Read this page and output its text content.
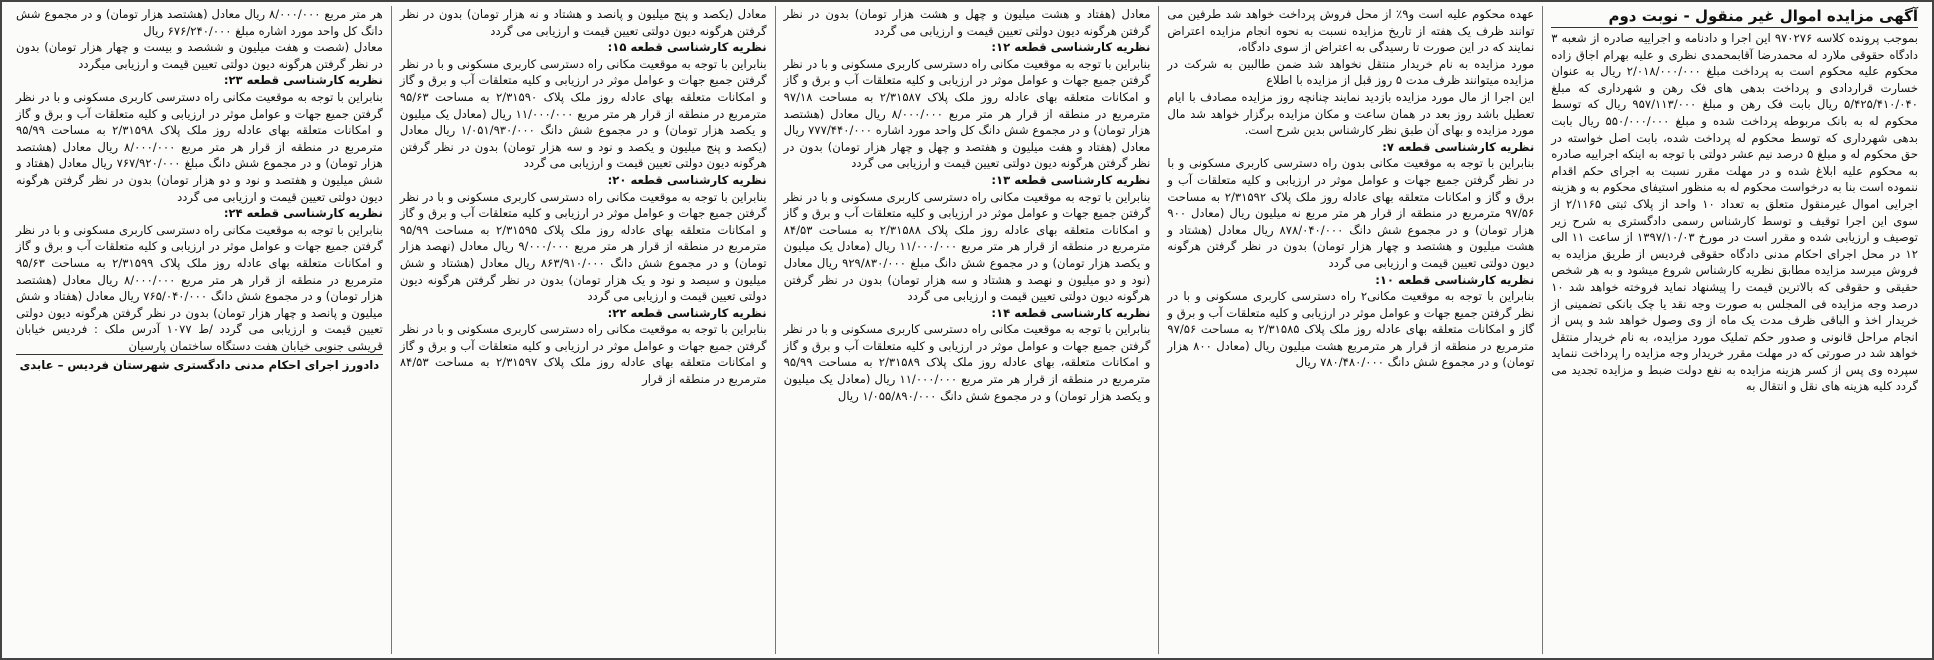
آگهی مزایده اموال غیر منقول - نوبت دوم

بموجب پرونده کلاسه ۹۷۰۲۷۶ این اجرا و دادنامه و اجراییه صادره از شعبه ۳ دادگاه حقوقی ملارد له محمدرضا آقابمحمدی نظری و علیه بهرام اجاق زاده محکوم علیه محکوم است به پرداخت مبلغ ۲/۰۱۸/۰۰۰/۰۰۰ ریال به عنوان خسارت قراردادی و پرداخت بدهی های فک رهن و شهرداری که مبلغ ۵/۴۲۵/۴۱۰/۰۴۰ ریال بابت فک رهن و مبلغ ۹۵۷/۱۱۳/۰۰۰ ریال که توسط محکوم له به بانک مربوطه پرداخت شده و مبلغ ۵۵۰/۰۰۰/۰۰۰ ریال بابت بدهی شهرداری که توسط محکوم له پرداخت شده، بابت اصل خواسته در حق محکوم له و مبلغ ۵ درصد نیم عشر دولتی با توجه به اینکه اجراییه صادره به محکوم علیه ابلاغ شده و در مهلت مقرر نسبت به اجرای حکم اقدام ننموده است بنا به درخواست محکوم له به منظور استیفای محکوم به و هزینه اجرایی اموال غیرمنقول متعلق به تعداد ۱۰ واحد از پلاک ثبتی ۲/۱۱۶۵ از سوی این اجرا توقیف و توسط کارشناس رسمی دادگستری به شرح زیر توصیف و ارزیابی شده و مقرر است در مورخ ۱۳۹۷/۱۰/۰۳ از ساعت ۱۱ الی ۱۲ در محل اجرای احکام مدنی دادگاه حقوقی فردیس از طریق مزایده به فروش میرسد مزایده مطابق نظریه کارشناس شروع میشود و به هر شخص حقیقی و حقوقی که بالاترین قیمت را پیشنهاد نماید فروخته خواهد شد ۱۰ درصد وجه مزایده فی المجلس به صورت وجه نقد یا چک بانکی تضمینی از خریدار اخذ و الباقی ظرف مدت یک ماه از وی وصول خواهد شد و پس از انجام مراحل قانونی و صدور حکم تملیک مورد مزایده، به نام خریدار منتقل خواهد شد در صورتی که در مهلت مقرر خریدار وجه مزایده را پرداخت ننماید سپرده وی پس از کسر هزینه مزایده به نفع دولت ضبط و مزایده تجدید می گردد کلیه هزینه های نقل و انتقال به

عهده محکوم علیه است و۹٪ از محل فروش پرداخت خواهد شد طرفین می توانند ظرف یک هفته از تاریخ مزایده نسبت به نحوه انجام مزایده اعتراض نمایند که در این صورت تا رسیدگی به اعتراض از سوی دادگاه،

مورد مزایده به نام خریدار منتقل نخواهد شد ضمن طالبین به شرکت در مزایده میتوانند ظرف مدت ۵ روز قبل از مزایده با اطلاع

این اجرا از مال مورد مزایده بازدید نمایند چنانچه روز مزایده مصادف با ایام تعطیل باشد روز بعد در همان ساعت و مکان مزایده برگزار خواهد شد مال مورد مزایده و بهای آن طبق نظر کارشناس بدین شرح است.

نظریه کارشناسی قطعه ۷:

بنابراین با توجه به موقعیت مکانی بدون راه دسترسی کاربری مسکونی و با در نظر گرفتن جمیع جهات و عوامل موثر در ارزیابی و کلیه متعلقات آب و برق و گاز و امکانات متعلقه بهای عادله روز ملک پلاک ۲/۳۱۵۹۲ به مساحت ۹۷/۵۶ مترمربع در منطقه از قرار هر متر مربع نه میلیون ریال (معادل ۹۰۰ هزار تومان) و در مجموع شش دانگ ۸۷۸/۰۴۰/۰۰۰ ریال معادل (هشتاد و هشت میلیون و هشتصد و چهار هزار تومان) بدون در نظر گرفتن هرگونه دیون دولتی تعیین قیمت و ارزیابی می گردد

نظریه کارشناسی قطعه ۱۰:

بنابراین با توجه به موقعیت مکانی۲ راه دسترسی کاربری مسکونی و با در نظر گرفتن جمیع جهات و عوامل موثر در ارزیابی و کلیه متعلقات آب و برق و گاز و امکانات متعلقه بهای عادله روز ملک پلاک ۲/۳۱۵۸۵ به مساحت ۹۷/۵۶ مترمربع در منطقه از قرار هر مترمربع هشت میلیون ریال (معادل ۸۰۰ هزار تومان) و در مجموع شش دانگ ۷۸۰/۴۸۰/۰۰۰ ریال

معادل (هفتاد و هشت میلیون و چهل و هشت هزار تومان) بدون در نظر گرفتن هرگونه دیون دولتی تعیین قیمت و ارزیابی می گردد

نظریه کارشناسی قطعه ۱۲:

بنابراین با توجه به موقعیت مکانی راه دسترسی کاربری مسکونی و با در نظر گرفتن جمیع جهات و عوامل موثر در ارزیابی و کلیه متعلقات آب و برق و گاز و امکانات متعلقه بهای عادله روز ملک پلاک ۲/۳۱۵۸۷ به مساحت ۹۷/۱۸ مترمربع در منطقه از قرار هر متر مربع ۸/۰۰۰/۰۰۰ ریال معادل (هشتصد هزار تومان) و در مجموع شش دانگ کل واحد مورد اشاره ۷۷۷/۴۴۰/۰۰۰ ریال معادل (هفتاد و هفت میلیون و هفتصد و چهل و چهار هزار تومان) بدون در نظر گرفتن هرگونه دیون دولتی تعیین قیمت و ارزیابی می گردد

نظریه کارشناسی قطعه ۱۳:

بنابراین با توجه به موقعیت مکانی راه دسترسی کاربری مسکونی و با در نظر گرفتن جمیع جهات و عوامل موثر در ارزیابی و کلیه متعلقات آب و برق و گاز و امکانات متعلقه بهای عادله روز ملک پلاک ۲/۳۱۵۸۸ به مساحت ۸۴/۵۳ مترمربع در منطقه از قرار هر متر مربع ۱۱/۰۰۰/۰۰۰ ریال (معادل یک میلیون و یکصد هزار تومان) و در مجموع شش دانگ مبلغ ۹۲۹/۸۳۰/۰۰۰ ریال معادل (نود و دو میلیون و نهصد و هشتاد و سه هزار تومان) بدون در نظر گرفتن هرگونه دیون دولتی تعیین قیمت و ارزیابی می گردد

نظریه کارشناسی قطعه ۱۴:

بنابراین با توجه به موقعیت مکانی راه دسترسی کاربری مسکونی و با در نظر گرفتن جمیع جهات و عوامل موثر در ارزیابی و کلیه متعلقات آب و برق و گاز و امکانات متعلقه، بهای عادله روز ملک پلاک ۲/۳۱۵۸۹ به مساحت ۹۵/۹۹ مترمربع در منطقه از قرار هر متر مربع ۱۱/۰۰۰/۰۰۰ ریال (معادل یک میلیون و یکصد هزار تومان) و در مجموع شش دانگ ۱/۰۵۵/۸۹۰/۰۰۰ ریال

معادل (یکصد و پنج میلیون و پانصد و هشتاد و نه هزار تومان) بدون در نظر گرفتن هرگونه دیون دولتی تعیین قیمت و ارزیابی می گردد

نظریه کارشناسی قطعه ۱۵:

بنابراین با توجه به موقعیت مکانی راه دسترسی کاربری مسکونی و با در نظر گرفتن جمیع جهات و عوامل موثر در ارزیابی و کلیه متعلقات آب و برق و گاز و امکانات متعلقه بهای عادله روز ملک پلاک ۲/۳۱۵۹۰ به مساحت ۹۵/۶۳ مترمربع در منطقه از قرار هر متر مربع ۱۱/۰۰۰/۰۰۰ ریال (معادل یک میلیون و یکصد هزار تومان) و در مجموع شش دانگ ۱/۰۵۱/۹۳۰/۰۰۰ ریال معادل (یکصد و پنج میلیون و یکصد و نود و سه هزار تومان) بدون در نظر گرفتن هرگونه دیون دولتی تعیین قیمت و ارزیابی می گردد

نظریه کارشناسی قطعه ۲۰:

بنابراین با توجه به موقعیت مکانی راه دسترسی کاربری مسکونی و با در نظر گرفتن جمیع جهات و عوامل موثر در ارزیابی و کلیه متعلقات آب و برق و گاز و امکانات متعلقه بهای عادله روز ملک پلاک ۲/۳۱۵۹۵ به مساحت ۹۵/۹۹ مترمربع در منطقه از قرار هر متر مربع ۹/۰۰۰/۰۰۰ ریال معادل (نهصد هزار تومان) و در مجموع شش دانگ ۸۶۳/۹۱۰/۰۰۰ ریال معادل (هشتاد و شش میلیون و سیصد و نود و یک هزار تومان) بدون در نظر گرفتن هرگونه دیون دولتی تعیین قیمت و ارزیابی می گردد

نظریه کارشناسی قطعه ۲۲:

بنابراین با توجه به موقعیت مکانی راه دسترسی کاربری مسکونی و با در نظر گرفتن جمیع جهات و عوامل موثر در ارزیابی و کلیه متعلقات آب و برق و گاز و امکانات متعلقه بهای عادله روز ملک پلاک ۲/۳۱۵۹۷ به مساحت ۸۴/۵۳ مترمربع در منطقه از قرار

هر متر مربع ۸/۰۰۰/۰۰۰ ریال معادل (هشتصد هزار تومان) و در مجموع شش دانگ کل واحد مورد اشاره مبلغ ۶۷۶/۲۴۰/۰۰۰ ریال

معادل (شصت و هفت میلیون و ششصد و بیست و چهار هزار تومان) بدون در نظر گرفتن هرگونه دیون دولتی تعیین قیمت و ارزیابی میگردد

نظریه کارشناسی قطعه ۲۳:

بنابراین با توجه به موقعیت مکانی راه دسترسی کاربری مسکونی و با در نظر گرفتن جمیع جهات و عوامل موثر در ارزیابی و کلیه متعلقات آب و برق و گاز و امکانات متعلقه بهای عادله روز ملک پلاک ۲/۳۱۵۹۸ به مساحت ۹۵/۹۹ مترمربع در منطقه از قرار هر متر مربع ۸/۰۰۰/۰۰۰ ریال معادل (هشتصد هزار تومان) و در مجموع شش دانگ مبلغ ۷۶۷/۹۲۰/۰۰۰ ریال معادل (هفتاد و شش میلیون و هفتصد و نود و دو هزار تومان) بدون در نظر گرفتن هرگونه دیون دولتی تعیین قیمت و ارزیابی می گردد

نظریه کارشناسی قطعه ۲۴:

بنابراین با توجه به موقعیت مکانی راه دسترسی کاربری مسکونی و با در نظر گرفتن جمیع جهات و عوامل موثر در ارزیابی و کلیه متعلقات آب و برق و گاز و امکانات متعلقه بهای عادله روز ملک پلاک ۲/۳۱۵۹۹ به مساحت ۹۵/۶۳ مترمربع در منطقه از قرار هر متر مربع ۸/۰۰۰/۰۰۰ ریال معادل (هشتصد هزار تومان) و در مجموع شش دانگ ۷۶۵/۰۴۰/۰۰۰ ریال معادل (هفتاد و شش میلیون و پانصد و چهار هزار تومان) بدون در نظر گرفتن هرگونه دیون دولتی تعیین قیمت و ارزیابی می گردد /ط ۱۰۷۷ آدرس ملک : فردیس خیابان قریشی جنوبی خیابان هفت دستگاه ساختمان پارسیان

دادورز اجرای احکام مدنی دادگستری شهرستان فردیس – عابدی
